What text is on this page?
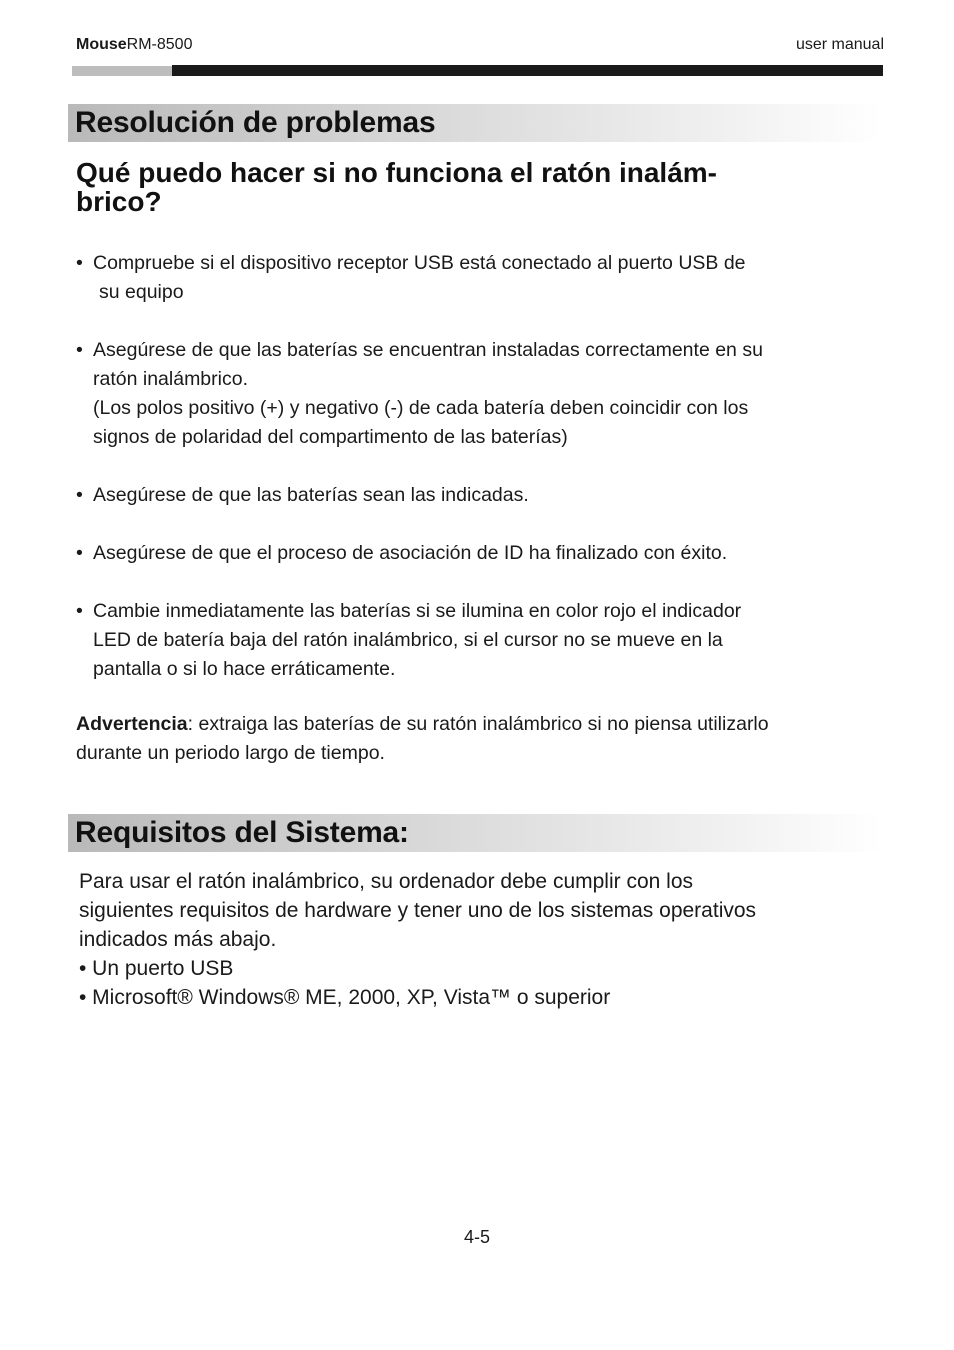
MouseRM-8500	user manual
Resolución de problemas
Qué puedo hacer si no funciona el ratón inalám-
brico?
• Compruebe si el dispositivo receptor USB está conectado al puerto USB de
su equipo
• Asegúrese de que las baterías se encuentran instaladas correctamente en su
ratón inalámbrico.
(Los polos positivo (+) y negativo (-) de cada batería deben coincidir con los
signos de polaridad del compartimento de las baterías)
• Asegúrese de que las baterías sean las indicadas.
• Asegúrese de que el proceso de asociación de ID ha finalizado con éxito.
• Cambie inmediatamente las baterías si se ilumina en color rojo el indicador
LED de batería baja del ratón inalámbrico, si el cursor no se mueve en la
pantalla o si lo hace erráticamente.
Advertencia: extraiga las baterías de su ratón inalámbrico si no piensa utilizarlo
durante un periodo largo de tiempo.
Requisitos del Sistema:
Para usar el ratón inalámbrico, su ordenador debe cumplir con los
siguientes requisitos de hardware y tener uno de los sistemas operativos
indicados más abajo.
• Un puerto USB
• Microsoft® Windows® ME, 2000, XP, Vista™ o superior
4-5
